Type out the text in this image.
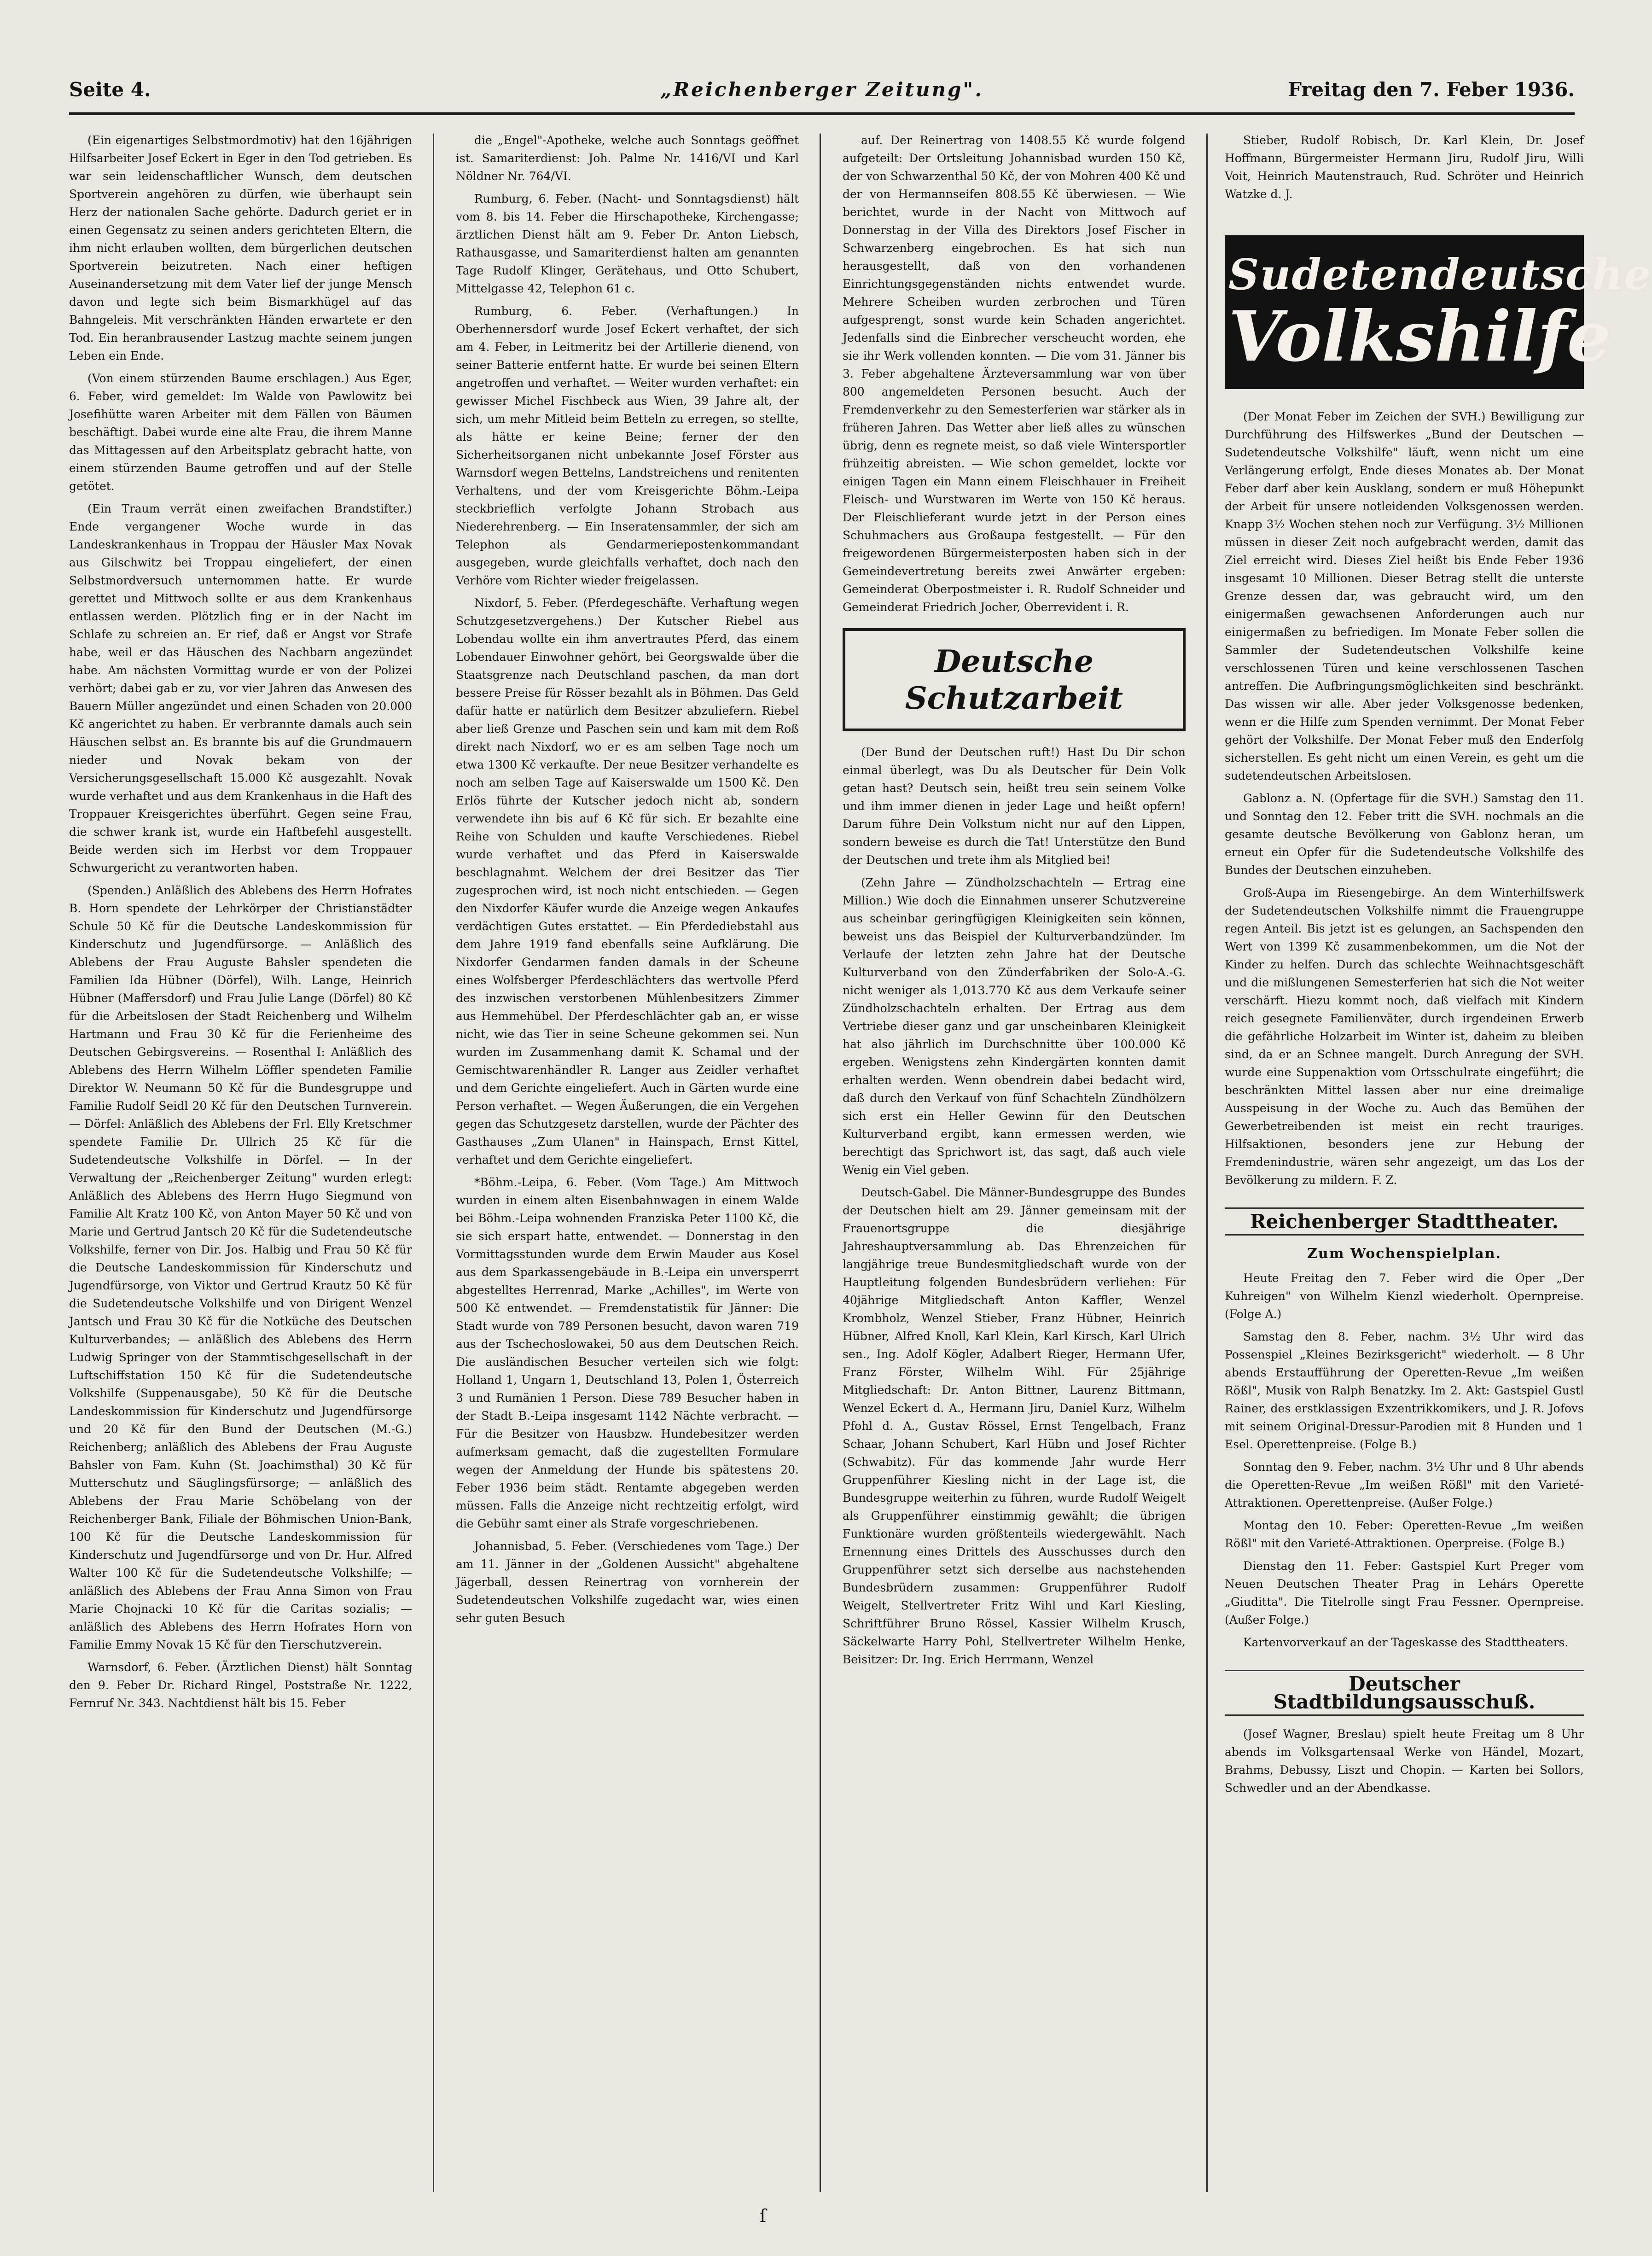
Seite 4.	„Reichenberger Zeitung".	Freitag den 7. Feber 1936.

(Ein eigenartiges Selbstmordmotiv) hat den 16jährigen Hilfsarbeiter Josef Eckert in Eger in den Tod getrieben. Es war sein leidenschaftlicher Wunsch, dem deutschen Sportverein angehören zu dürfen, wie überhaupt sein Herz der nationalen Sache gehörte. Dadurch geriet er in einen Gegensatz zu seinen anders gerichteten Eltern, die ihm nicht erlauben wollten, dem bürgerlichen deutschen Sportverein beizutreten. Nach einer heftigen Auseinandersetzung mit dem Vater lief der junge Mensch davon und legte sich beim Bismarkhügel auf das Bahngeleis. Mit verschränkten Händen erwartete er den Tod. Ein heranbrausender Lastzug machte seinem jungen Leben ein Ende.

(Von einem stürzenden Baume erschlagen.) Aus Eger, 6. Feber, wird gemeldet: Im Walde von Pawlowitz bei Josefihütte waren Arbeiter mit dem Fällen von Bäumen beschäftigt. Dabei wurde eine alte Frau, die ihrem Manne das Mittagessen auf den Arbeitsplatz gebracht hatte, von einem stürzenden Baume getroffen und auf der Stelle getötet.

(Ein Traum verrät einen zweifachen Brandstifter.) Ende vergangener Woche wurde in das Landeskrankenhaus in Troppau der Häusler Max Novak aus Gilschwitz bei Troppau eingeliefert, der einen Selbstmordversuch unternommen hatte. Er wurde gerettet und Mittwoch sollte er aus dem Krankenhaus entlassen werden. Plötzlich fing er in der Nacht im Schlafe zu schreien an. Er rief, daß er Angst vor Strafe habe, weil er das Häuschen des Nachbarn angezündet habe. Am nächsten Vormittag wurde er von der Polizei verhört; dabei gab er zu, vor vier Jahren das Anwesen des Bauern Müller angezündet und einen Schaden von 20.000 Kč angerichtet zu haben. Er verbrannte damals auch sein Häuschen selbst an. Es brannte bis auf die Grundmauern nieder und Novak bekam von der Versicherungsgesellschaft 15.000 Kč ausgezahlt. Novak wurde verhaftet und aus dem Krankenhaus in die Haft des Troppauer Kreisgerichtes überführt. Gegen seine Frau, die schwer krank ist, wurde ein Haftbefehl ausgestellt. Beide werden sich im Herbst vor dem Troppauer Schwurgericht zu verantworten haben.

(Spenden.) Anläßlich des Ablebens des Herrn Hofrates B. Horn spendete der Lehrkörper der Christianstädter Schule 50 Kč für die Deutsche Landeskommission für Kinderschutz und Jugendfürsorge. — Anläßlich des Ablebens der Frau Auguste Bahsler spendeten die Familien Ida Hübner (Dörfel), Wilh. Lange, Heinrich Hübner (Maffersdorf) und Frau Julie Lange (Dörfel) 80 Kč für die Arbeitslosen der Stadt Reichenberg und Wilhelm Hartmann und Frau 30 Kč für die Ferienheime des Deutschen Gebirgsvereins. — Rosenthal I: Anläßlich des Ablebens des Herrn Wilhelm Löffler spendeten Familie Direktor W. Neumann 50 Kč für die Bundesgruppe und Familie Rudolf Seidl 20 Kč für den Deutschen Turnverein. — Dörfel: Anläßlich des Ablebens der Frl. Elly Kretschmer spendete Familie Dr. Ullrich 25 Kč für die Sudetendeutsche Volkshilfe in Dörfel. — In der Verwaltung der „Reichenberger Zeitung" wurden erlegt: Anläßlich des Ablebens des Herrn Hugo Siegmund von Familie Alt Kratz 100 Kč, von Anton Mayer 50 Kč und von Marie und Gertrud Jantsch 20 Kč für die Sudetendeutsche Volkshilfe, ferner von Dir. Jos. Halbig und Frau 50 Kč für die Deutsche Landeskommission für Kinderschutz und Jugendfürsorge, von Viktor und Gertrud Krautz 50 Kč für die Sudetendeutsche Volkshilfe und von Dirigent Wenzel Jantsch und Frau 30 Kč für die Notküche des Deutschen Kulturverbandes; — anläßlich des Ablebens des Herrn Ludwig Springer von der Stammtischgesellschaft in der Luftschiffstation 150 Kč für die Sudetendeutsche Volkshilfe (Suppenausgabe), 50 Kč für die Deutsche Landeskommission für Kinderschutz und Jugendfürsorge und 20 Kč für den Bund der Deutschen (M.-G.) Reichenberg; anläßlich des Ablebens der Frau Auguste Bahsler von Fam. Kuhn (St. Joachimsthal) 30 Kč für Mutterschutz und Säuglingsfürsorge; — anläßlich des Ablebens der Frau Marie Schöbelang von der Reichenberger Bank, Filiale der Böhmischen Union-Bank, 100 Kč für die Deutsche Landeskommission für Kinderschutz und Jugendfürsorge und von Dr. Hur. Alfred Walter 100 Kč für die Sudetendeutsche Volkshilfe; — anläßlich des Ablebens der Frau Anna Simon von Frau Marie Chojnacki 10 Kč für die Caritas sozialis; — anläßlich des Ablebens des Herrn Hofrates Horn von Familie Emmy Novak 15 Kč für den Tierschutzverein.

Warnsdorf, 6. Feber. (Ärztlichen Dienst) hält Sonntag den 9. Feber Dr. Richard Ringel, Poststraße Nr. 1222, Fernruf Nr. 343. Nachtdienst hält bis 15. Feber

die „Engel"-Apotheke, welche auch Sonntags geöffnet ist. Samariterdienst: Joh. Palme Nr. 1416/VI und Karl Nöldner Nr. 764/VI.

Rumburg, 6. Feber. (Nacht- und Sonntagsdienst) hält vom 8. bis 14. Feber die Hirschapotheke, Kirchengasse; ärztlichen Dienst hält am 9. Feber Dr. Anton Liebsch, Rathausgasse, und Samariterdienst halten am genannten Tage Rudolf Klinger, Gerätehaus, und Otto Schubert, Mittelgasse 42, Telephon 61 c.

Rumburg, 6. Feber. (Verhaftungen.) In Oberhennersdorf wurde Josef Eckert verhaftet, der sich am 4. Feber, in Leitmeritz bei der Artillerie dienend, von seiner Batterie entfernt hatte. Er wurde bei seinen Eltern angetroffen und verhaftet. — Weiter wurden verhaftet: ein gewisser Michel Fischbeck aus Wien, 39 Jahre alt, der sich, um mehr Mitleid beim Betteln zu erregen, so stellte, als hätte er keine Beine; ferner der den Sicherheitsorganen nicht unbekannte Josef Förster aus Warnsdorf wegen Bettelns, Landstreichens und renitenten Verhaltens, und der vom Kreisgerichte Böhm.-Leipa steckbrieflich verfolgte Johann Strobach aus Niederehrenberg. — Ein Inseratensammler, der sich am Telephon als Gendarmeriepostenkommandant ausgegeben, wurde gleichfalls verhaftet, doch nach den Verhöre vom Richter wieder freigelassen.

Nixdorf, 5. Feber. (Pferdegeschäfte. Verhaftung wegen Schutzgesetzvergehens.) Der Kutscher Riebel aus Lobendau wollte ein ihm anvertrautes Pferd, das einem Lobendauer Einwohner gehört, bei Georgswalde über die Staatsgrenze nach Deutschland paschen, da man dort bessere Preise für Rösser bezahlt als in Böhmen. Das Geld dafür hatte er natürlich dem Besitzer abzuliefern. Riebel aber ließ Grenze und Paschen sein und kam mit dem Roß direkt nach Nixdorf, wo er es am selben Tage noch um etwa 1300 Kč verkaufte. Der neue Besitzer verhandelte es noch am selben Tage auf Kaiserswalde um 1500 Kč. Den Erlös führte der Kutscher jedoch nicht ab, sondern verwendete ihn bis auf 6 Kč für sich. Er bezahlte eine Reihe von Schulden und kaufte Verschiedenes. Riebel wurde verhaftet und das Pferd in Kaiserswalde beschlagnahmt. Welchem der drei Besitzer das Tier zugesprochen wird, ist noch nicht entschieden. — Gegen den Nixdorfer Käufer wurde die Anzeige wegen Ankaufes verdächtigen Gutes erstattet. — Ein Pferdediebstahl aus dem Jahre 1919 fand ebenfalls seine Aufklärung. Die Nixdorfer Gendarmen fanden damals in der Scheune eines Wolfsberger Pferdeschlächters das wertvolle Pferd des inzwischen verstorbenen Mühlenbesitzers Zimmer aus Hemmehübel. Der Pferdeschlächter gab an, er wisse nicht, wie das Tier in seine Scheune gekommen sei. Nun wurden im Zusammenhang damit K. Schamal und der Gemischtwarenhändler R. Langer aus Zeidler verhaftet und dem Gerichte eingeliefert. Auch in Gärten wurde eine Person verhaftet. — Wegen Äußerungen, die ein Vergehen gegen das Schutzgesetz darstellen, wurde der Pächter des Gasthauses „Zum Ulanen" in Hainspach, Ernst Kittel, verhaftet und dem Gerichte eingeliefert.

*Böhm.-Leipa, 6. Feber. (Vom Tage.) Am Mittwoch wurden in einem alten Eisenbahnwagen in einem Walde bei Böhm.-Leipa wohnenden Franziska Peter 1100 Kč, die sie sich erspart hatte, entwendet. — Donnerstag in den Vormittagsstunden wurde dem Erwin Mauder aus Kosel aus dem Sparkassengebäude in B.-Leipa ein unversperrt abgestelltes Herrenrad, Marke „Achilles", im Werte von 500 Kč entwendet. — Fremdenstatistik für Jänner: Die Stadt wurde von 789 Personen besucht, davon waren 719 aus der Tschechoslowakei, 50 aus dem Deutschen Reich. Die ausländischen Besucher verteilen sich wie folgt: Holland 1, Ungarn 1, Deutschland 13, Polen 1, Österreich 3 und Rumänien 1 Person. Diese 789 Besucher haben in der Stadt B.-Leipa insgesamt 1142 Nächte verbracht. — Für die Besitzer von Hausbzw. Hundebesitzer werden aufmerksam gemacht, daß die zugestellten Formulare wegen der Anmeldung der Hunde bis spätestens 20. Feber 1936 beim städt. Rentamte abgegeben werden müssen. Falls die Anzeige nicht rechtzeitig erfolgt, wird die Gebühr samt einer als Strafe vorgeschriebenen.

Johannisbad, 5. Feber. (Verschiedenes vom Tage.) Der am 11. Jänner in der „Goldenen Aussicht" abgehaltene Jägerball, dessen Reinertrag von vornherein der Sudetendeutschen Volkshilfe zugedacht war, wies einen sehr guten Besuch

auf. Der Reinertrag von 1408.55 Kč wurde folgend aufgeteilt: Der Ortsleitung Johannisbad wurden 150 Kč, der von Schwarzenthal 50 Kč, der von Mohren 400 Kč und der von Hermannseifen 808.55 Kč überwiesen. — Wie berichtet, wurde in der Nacht von Mittwoch auf Donnerstag in der Villa des Direktors Josef Fischer in Schwarzenberg eingebrochen. Es hat sich nun herausgestellt, daß von den vorhandenen Einrichtungsgegenständen nichts entwendet wurde. Mehrere Scheiben wurden zerbrochen und Türen aufgesprengt, sonst wurde kein Schaden angerichtet. Jedenfalls sind die Einbrecher verscheucht worden, ehe sie ihr Werk vollenden konnten. — Die vom 31. Jänner bis 3. Feber abgehaltene Ärzteversammlung war von über 800 angemeldeten Personen besucht. Auch der Fremdenverkehr zu den Semesterferien war stärker als in früheren Jahren. Das Wetter aber ließ alles zu wünschen übrig, denn es regnete meist, so daß viele Wintersportler frühzeitig abreisten. — Wie schon gemeldet, lockte vor einigen Tagen ein Mann einem Fleischhauer in Freiheit Fleisch- und Wurstwaren im Werte von 150 Kč heraus. Der Fleischlieferant wurde jetzt in der Person eines Schuhmachers aus Großaupa festgestellt. — Für den freigewordenen Bürgermeisterposten haben sich in der Gemeindevertretung bereits zwei Anwärter ergeben: Gemeinderat Oberpostmeister i. R. Rudolf Schneider und Gemeinderat Friedrich Jocher, Oberrevident i. R.

Deutsche Schutzarbeit

(Der Bund der Deutschen ruft!) Hast Du Dir schon einmal überlegt, was Du als Deutscher für Dein Volk getan hast? Deutsch sein, heißt treu sein seinem Volke und ihm immer dienen in jeder Lage und heißt opfern! Darum führe Dein Volkstum nicht nur auf den Lippen, sondern beweise es durch die Tat! Unterstütze den Bund der Deutschen und trete ihm als Mitglied bei!

(Zehn Jahre — Zündholzschachteln — Ertrag eine Million.) Wie doch die Einnahmen unserer Schutzvereine aus scheinbar geringfügigen Kleinigkeiten sein können, beweist uns das Beispiel der Kulturverbandzünder. Im Verlaufe der letzten zehn Jahre hat der Deutsche Kulturverband von den Zünderfabriken der Solo-A.-G. nicht weniger als 1,013.770 Kč aus dem Verkaufe seiner Zündholzschachteln erhalten. Der Ertrag aus dem Vertriebe dieser ganz und gar unscheinbaren Kleinigkeit hat also jährlich im Durchschnitte über 100.000 Kč ergeben. Wenigstens zehn Kindergärten konnten damit erhalten werden. Wenn obendrein dabei bedacht wird, daß durch den Verkauf von fünf Schachteln Zündhölzern sich erst ein Heller Gewinn für den Deutschen Kulturverband ergibt, kann ermessen werden, wie berechtigt das Sprichwort ist, das sagt, daß auch viele Wenig ein Viel geben.

Deutsch-Gabel. Die Männer-Bundesgruppe des Bundes der Deutschen hielt am 29. Jänner gemeinsam mit der Frauenortsgruppe die diesjährige Jahreshauptversammlung ab. Das Ehrenzeichen für langjährige treue Bundesmitgliedschaft wurde von der Hauptleitung folgenden Bundesbrüdern verliehen: Für 40jährige Mitgliedschaft Anton Kaffler, Wenzel Krombholz, Wenzel Stieber, Franz Hübner, Heinrich Hübner, Alfred Knoll, Karl Klein, Karl Kirsch, Karl Ulrich sen., Ing. Adolf Kögler, Adalbert Rieger, Hermann Ufer, Franz Förster, Wilhelm Wihl. Für 25jährige Mitgliedschaft: Dr. Anton Bittner, Laurenz Bittmann, Wenzel Eckert d. A., Hermann Jiru, Daniel Kurz, Wilhelm Pfohl d. A., Gustav Rössel, Ernst Tengelbach, Franz Schaar, Johann Schubert, Karl Hübn und Josef Richter (Schwabitz). Für das kommende Jahr wurde Herr Gruppenführer Kiesling nicht in der Lage ist, die Bundesgruppe weiterhin zu führen, wurde Rudolf Weigelt als Gruppenführer einstimmig gewählt; die übrigen Funktionäre wurden größtenteils wiedergewählt. Nach Ernennung eines Drittels des Ausschusses durch den Gruppenführer setzt sich derselbe aus nachstehenden Bundesbrüdern zusammen: Gruppenführer Rudolf Weigelt, Stellvertreter Fritz Wihl und Karl Kiesling, Schriftführer Bruno Rössel, Kassier Wilhelm Krusch, Säckelwarte Harry Pohl, Stellvertreter Wilhelm Henke, Beisitzer: Dr. Ing. Erich Herrmann, Wenzel

Stieber, Rudolf Robisch, Dr. Karl Klein, Dr. Josef Hoffmann, Bürgermeister Hermann Jiru, Rudolf Jiru, Willi Voit, Heinrich Mautenstrauch, Rud. Schröter und Heinrich Watzke d. J.

Sudetendeutsche
Volkshilfe

(Der Monat Feber im Zeichen der SVH.) Bewilligung zur Durchführung des Hilfswerkes „Bund der Deutschen — Sudetendeutsche Volkshilfe" läuft, wenn nicht um eine Verlängerung erfolgt, Ende dieses Monates ab. Der Monat Feber darf aber kein Ausklang, sondern er muß Höhepunkt der Arbeit für unsere notleidenden Volksgenossen werden. Knapp 3½ Wochen stehen noch zur Verfügung. 3½ Millionen müssen in dieser Zeit noch aufgebracht werden, damit das Ziel erreicht wird. Dieses Ziel heißt bis Ende Feber 1936 insgesamt 10 Millionen. Dieser Betrag stellt die unterste Grenze dessen dar, was gebraucht wird, um den einigermaßen gewachsenen Anforderungen auch nur einigermaßen zu befriedigen. Im Monate Feber sollen die Sammler der Sudetendeutschen Volkshilfe keine verschlossenen Türen und keine verschlossenen Taschen antreffen. Die Aufbringungsmöglichkeiten sind beschränkt. Das wissen wir alle. Aber jeder Volksgenosse bedenken, wenn er die Hilfe zum Spenden vernimmt. Der Monat Feber gehört der Volkshilfe. Der Monat Feber muß den Enderfolg sicherstellen. Es geht nicht um einen Verein, es geht um die sudetendeutschen Arbeitslosen.

Gablonz a. N. (Opfertage für die SVH.) Samstag den 11. und Sonntag den 12. Feber tritt die SVH. nochmals an die gesamte deutsche Bevölkerung von Gablonz heran, um erneut ein Opfer für die Sudetendeutsche Volkshilfe des Bundes der Deutschen einzuheben.

Groß-Aupa im Riesengebirge. An dem Winterhilfswerk der Sudetendeutschen Volkshilfe nimmt die Frauengruppe regen Anteil. Bis jetzt ist es gelungen, an Sachspenden den Wert von 1399 Kč zusammenbekommen, um die Not der Kinder zu helfen. Durch das schlechte Weihnachtsgeschäft und die mißlungenen Semesterferien hat sich die Not weiter verschärft. Hiezu kommt noch, daß vielfach mit Kindern reich gesegnete Familienväter, durch irgendeinen Erwerb die gefährliche Holzarbeit im Winter ist, daheim zu bleiben sind, da er an Schnee mangelt. Durch Anregung der SVH. wurde eine Suppenaktion vom Ortsschulrate eingeführt; die beschränkten Mittel lassen aber nur eine dreimalige Ausspeisung in der Woche zu. Auch das Bemühen der Gewerbetreibenden ist meist ein recht trauriges. Hilfsaktionen, besonders jene zur Hebung der Fremdenindustrie, wären sehr angezeigt, um das Los der Bevölkerung zu mildern. F. Z.

Reichenberger Stadttheater.
Zum Wochenspielplan.

Heute Freitag den 7. Feber wird die Oper „Der Kuhreigen" von Wilhelm Kienzl wiederholt. Opernpreise. (Folge A.)

Samstag den 8. Feber, nachm. 3½ Uhr wird das Possenspiel „Kleines Bezirksgericht" wiederholt. — 8 Uhr abends Erstaufführung der Operetten-Revue „Im weißen Rößl", Musik von Ralph Benatzky. Im 2. Akt: Gastspiel Gustl Rainer, des erstklassigen Exzentrikkomikers, und J. R. Jofovs mit seinem Original-Dressur-Parodien mit 8 Hunden und 1 Esel. Operettenpreise. (Folge B.)

Sonntag den 9. Feber, nachm. 3½ Uhr und 8 Uhr abends die Operetten-Revue „Im weißen Rößl" mit den Varieté-Attraktionen. Operettenpreise. (Außer Folge.)

Montag den 10. Feber: Operetten-Revue „Im weißen Rößl" mit den Varieté-Attraktionen. Operpreise. (Folge B.)

Dienstag den 11. Feber: Gastspiel Kurt Preger vom Neuen Deutschen Theater Prag in Lehárs Operette „Giuditta". Die Titelrolle singt Frau Fessner. Opernpreise. (Außer Folge.)

Kartenvorverkauf an der Tageskasse des Stadttheaters.

Deutscher Stadtbildungsausschuß.

(Josef Wagner, Breslau) spielt heute Freitag um 8 Uhr abends im Volksgartensaal Werke von Händel, Mozart, Brahms, Debussy, Liszt und Chopin. — Karten bei Sollors, Schwedler und an der Abendkasse.

ſ
